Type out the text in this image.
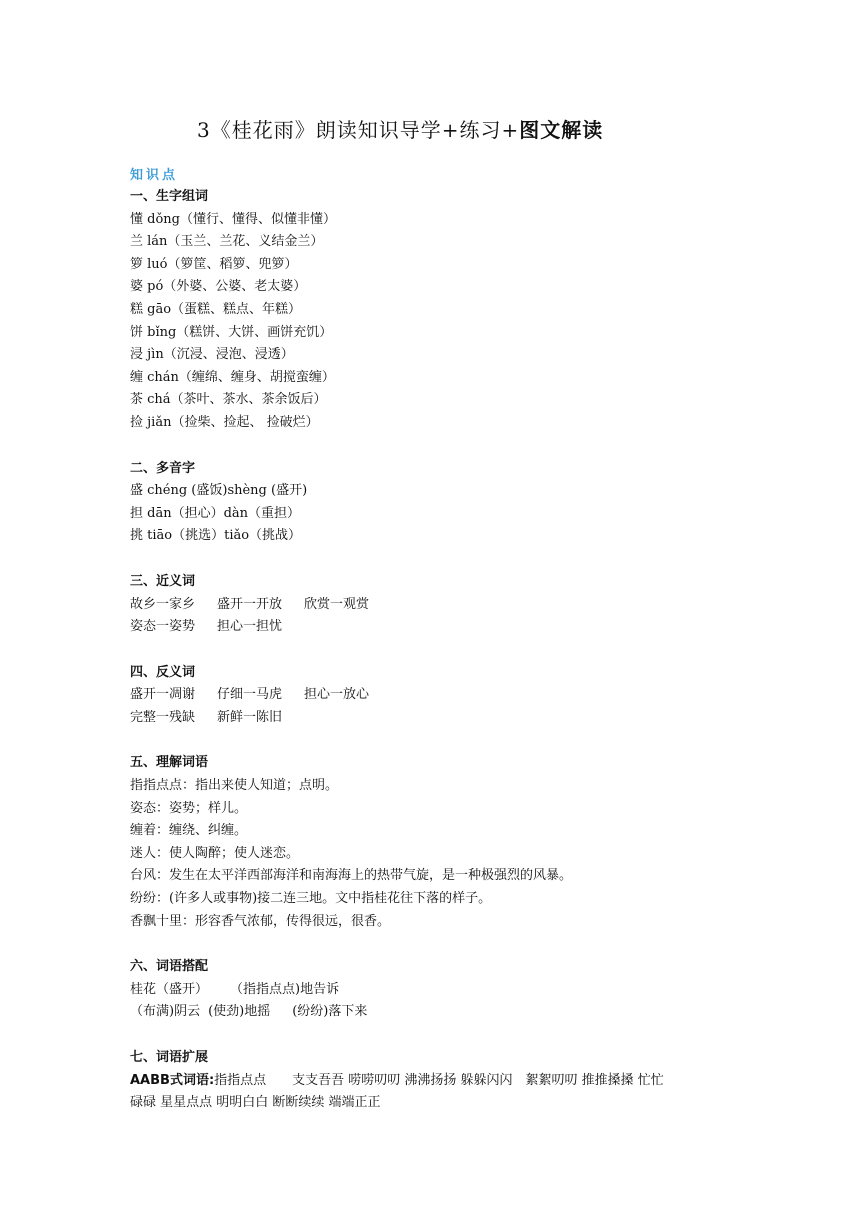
3《桂花雨》朗读知识导学+练习+图文解读
知识点
一、生字组词
懂 dǒng（懂行、懂得、似懂非懂）
兰 lán（玉兰、兰花、义结金兰）
箩 luó（箩筐、稻箩、兜箩）
婆 pó（外婆、公婆、老太婆）
糕 gāo（蛋糕、糕点、年糕）
饼 bǐng（糕饼、大饼、画饼充饥）
浸 jìn（沉浸、浸泡、浸透）
缠 chán（缠绵、缠身、胡搅蛮缠）
茶 chá（茶叶、茶水、茶余饭后）
捡 jiǎn（捡柴、捡起、 捡破烂）
二、多音字
盛 chéng (盛饭)shèng (盛开)
担 dān（担心）dàn（重担）
挑 tiāo（挑选）tiǎo（挑战）
三、近义词
故乡一家乡 盛开一开放 欣赏一观赏
姿态一姿势 担心一担忧
四、反义词
盛开一凋谢 仔细一马虎 担心一放心
完整一残缺 新鲜一陈旧
五、理解词语
指指点点：指出来使人知道；点明。
姿态：姿势；样儿。
缠着：缠绕、纠缠。
迷人：使人陶醉；使人迷恋。
台风：发生在太平洋西部海洋和南海海上的热带气旋，是一种极强烈的风暴。
纷纷：(许多人或事物)接二连三地。文中指桂花往下落的样子。
香飘十里：形容香气浓郁，传得很远，很香。
六、词语搭配
桂花（盛开） （指指点点)地告诉
（布满)阴云 (使劲)地摇 (纷纷)落下来
七、词语扩展
AABB式词语:指指点点　　支支吾吾 唠唠叨叨 沸沸扬扬 躲躲闪闪　絮絮叨叨 推推搡搡 忙忙
碌碌 星星点点 明明白白 断断续续 端端正正
